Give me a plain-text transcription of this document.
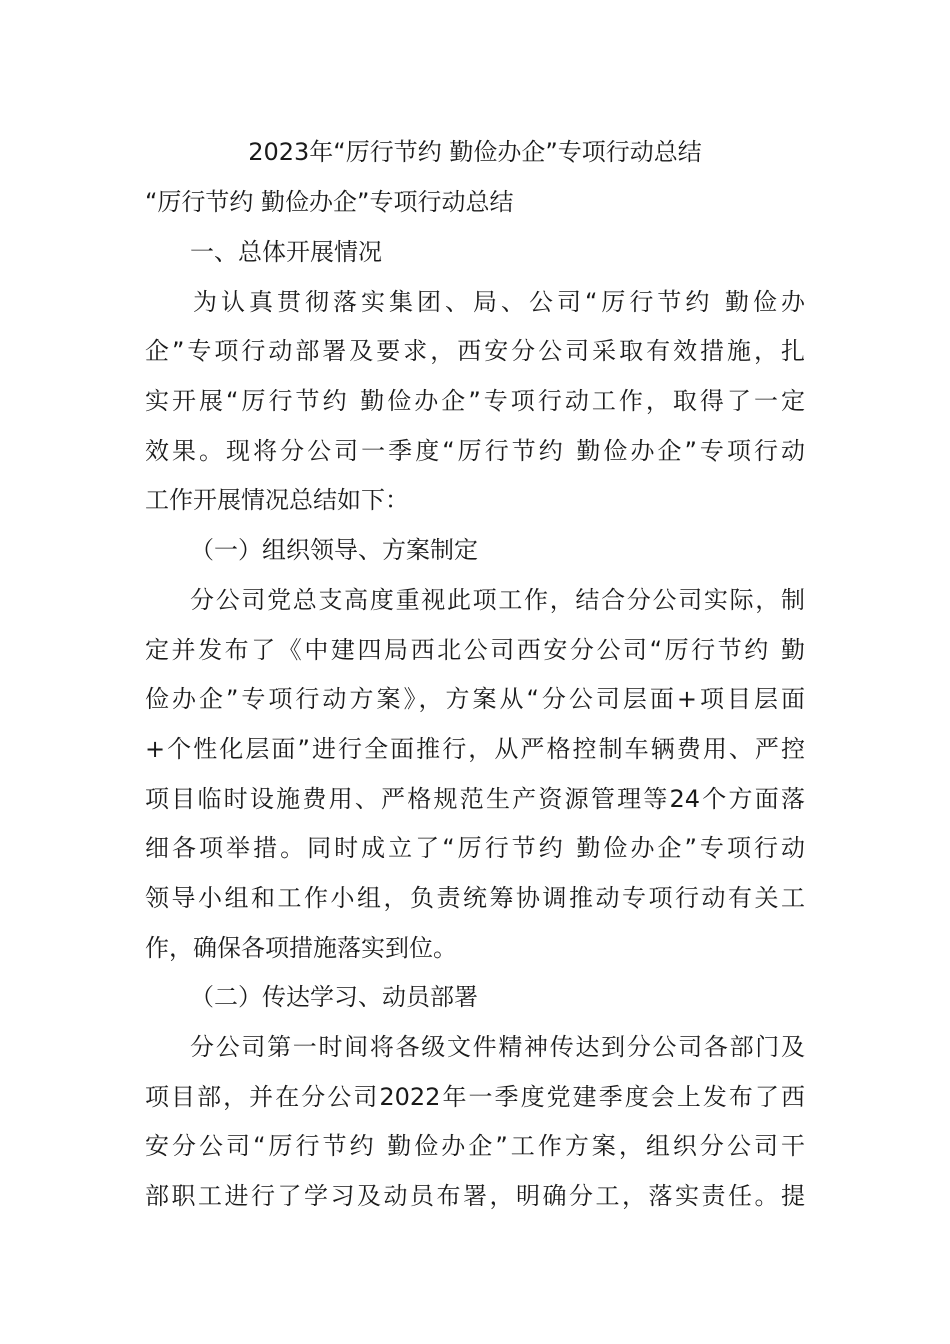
2023年“厉行节约 勤俭办企”专项行动总结
“厉行节约 勤俭办企”专项行动总结
一、总体开展情况
为认真贯彻落实集团、局、公司“厉行节约 勤俭办
企”专项行动部署及要求，西安分公司采取有效措施，扎
实开展“厉行节约 勤俭办企”专项行动工作，取得了一定
效果。现将分公司一季度“厉行节约 勤俭办企”专项行动
工作开展情况总结如下：
（一）组织领导、方案制定
分公司党总支高度重视此项工作，结合分公司实际，制
定并发布了《中建四局西北公司西安分公司“厉行节约 勤
俭办企”专项行动方案》，方案从“分公司层面+项目层面
+个性化层面”进行全面推行，从严格控制车辆费用、严控
项目临时设施费用、严格规范生产资源管理等24个方面落
细各项举措。同时成立了“厉行节约 勤俭办企”专项行动
领导小组和工作小组，负责统筹协调推动专项行动有关工
作，确保各项措施落实到位。
（二）传达学习、动员部署
分公司第一时间将各级文件精神传达到分公司各部门及
项目部，并在分公司2022年一季度党建季度会上发布了西
安分公司“厉行节约 勤俭办企”工作方案，组织分公司干
部职工进行了学习及动员布署，明确分工，落实责任。提
